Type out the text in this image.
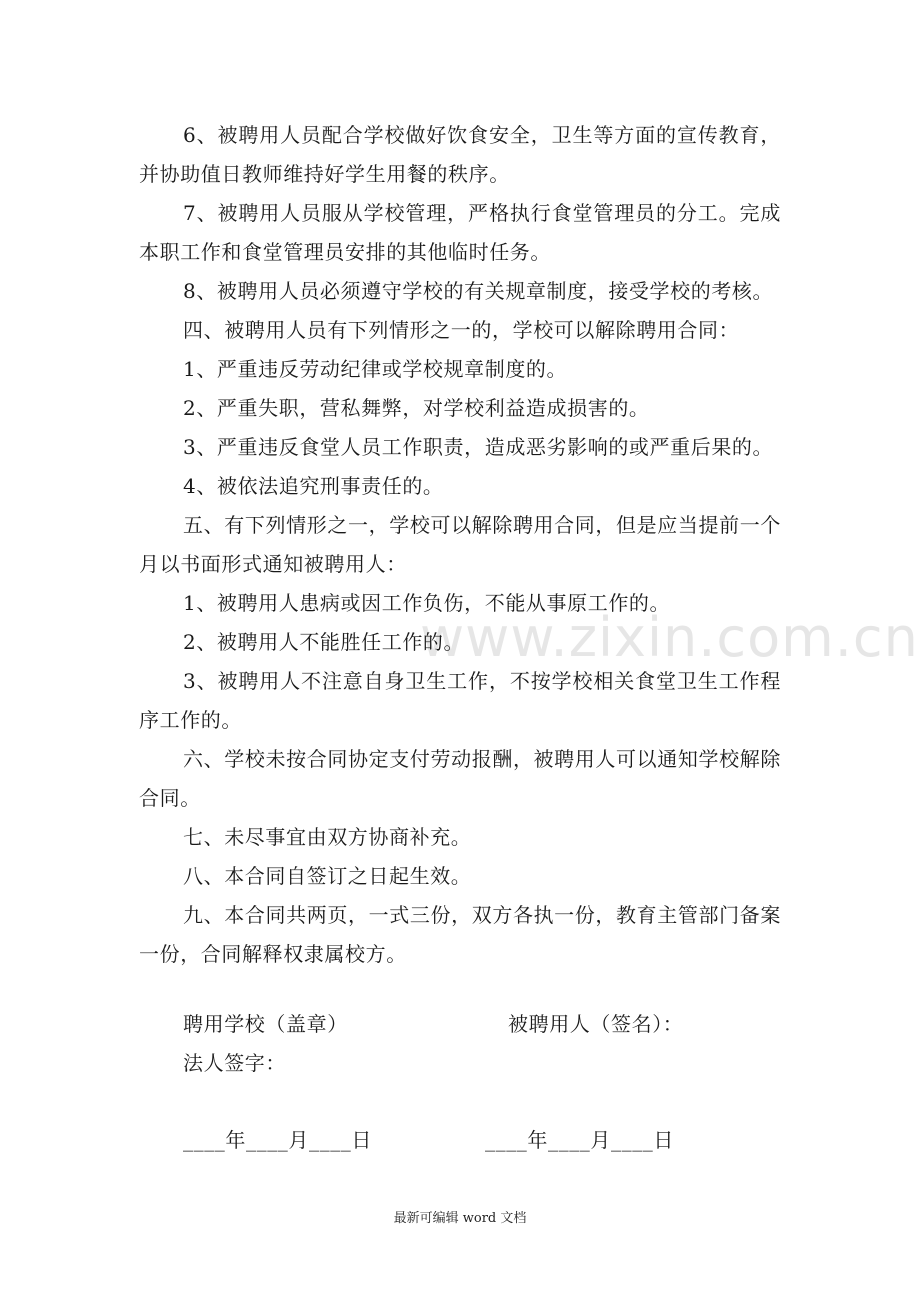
www.zixin.com.cn

6、被聘用人员配合学校做好饮食安全，卫生等方面的宣传教育，并协助值日教师维持好学生用餐的秩序。

7、被聘用人员服从学校管理，严格执行食堂管理员的分工。完成本职工作和食堂管理员安排的其他临时任务。

8、被聘用人员必须遵守学校的有关规章制度，接受学校的考核。

四、被聘用人员有下列情形之一的，学校可以解除聘用合同：

1、严重违反劳动纪律或学校规章制度的。

2、严重失职，营私舞弊，对学校利益造成损害的。

3、严重违反食堂人员工作职责，造成恶劣影响的或严重后果的。

4、被依法追究刑事责任的。

五、有下列情形之一，学校可以解除聘用合同，但是应当提前一个月以书面形式通知被聘用人：

1、被聘用人患病或因工作负伤，不能从事原工作的。

2、被聘用人不能胜任工作的。

3、被聘用人不注意自身卫生工作，不按学校相关食堂卫生工作程序工作的。

六、学校未按合同协定支付劳动报酬，被聘用人可以通知学校解除合同。

七、未尽事宜由双方协商补充。

八、本合同自签订之日起生效。

九、本合同共两页，一式三份，双方各执一份，教育主管部门备案一份，合同解释权隶属校方。

聘用学校（盖章）	被聘用人（签名）：
法人签字：
____年____月____日	____年____月____日
最新可编辑 word 文档
